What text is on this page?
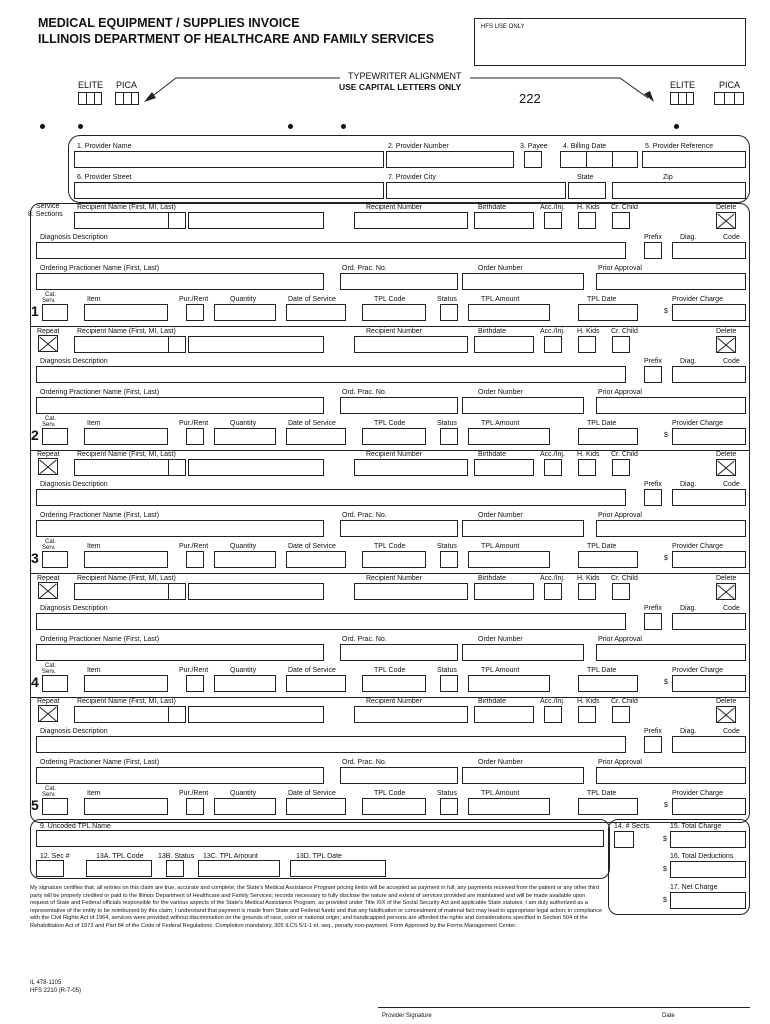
MEDICAL EQUIPMENT / SUPPLIES INVOICE
ILLINOIS DEPARTMENT OF HEALTHCARE AND FAMILY SERVICES
HFS USE ONLY
ELITE PICA
TYPEWRITER ALIGNMENT
USE CAPITAL LETTERS ONLY
222
ELITE	PICA
1. Provider Name	2. Provider Number	3. Payee 4. Billing Date	5. Provider Reference
6. Provider Street	7. Provider City	State	Zip
Service
8. Sections
Recipient Name (First, MI, Last)	Recipient Number	Birthdate	Acc./Inj. H. Kids Cr. Child	Delete
Diagnosis Description	Prefix	Diag.	Code
Ordering Practioner Name (First, Last)	Ord. Prac. No.	Order Number	Prior Approval
Cat.
Serv.	Item	Pur./Rent	Quantity	Date of Service	TPL Code	Status	TPL Amount	TPL Date	Provider Charge
1	$
Repeat Recipient Name (First, MI, Last)	Recipient Number	Birthdate	Acc./Inj. H. Kids Cr. Child	Delete
Diagnosis Description	Prefix	Diag.	Code
Ordering Practioner Name (First, Last)	Ord. Prac. No.	Order Number	Prior Approval
Cat.
Serv.	Item	Pur./Rent	Quantity	Date of Service	TPL Code	Status	TPL Amount	TPL Date	Provider Charge
2	$
Repeat Recipient Name (First, MI, Last)	Recipient Number	Birthdate	Acc./Inj. H. Kids Cr. Child	Delete
Diagnosis Description	Prefix	Diag.	Code
Ordering Practioner Name (First, Last)	Ord. Prac. No.	Order Number	Prior Approval
Cat.
Serv.	Item	Pur./Rent	Quantity	Date of Service	TPL Code	Status	TPL Amount	TPL Date	Provider Charge
3	$
Repeat Recipient Name (First, MI, Last)	Recipient Number	Birthdate	Acc./Inj. H. Kids Cr. Child	Delete
Diagnosis Description	Prefix	Diag.	Code
Ordering Practioner Name (First, Last)	Ord. Prac. No.	Order Number	Prior Approval
Cat.
Serv.	Item	Pur./Rent	Quantity	Date of Service	TPL Code	Status	TPL Amount	TPL Date	Provider Charge
4	$
Repeat Recipient Name (First, MI, Last)	Recipient Number	Birthdate	Acc./Inj. H. Kids Cr. Child	Delete
Diagnosis Description	Prefix	Diag.	Code
Ordering Practioner Name (First, Last)	Ord. Prac. No.	Order Number	Prior Approval
Cat.
Serv.	Item	Pur./Rent	Quantity	Date of Service	TPL Code	Status	TPL Amount	TPL Date	Provider Charge
5	$
9. Uncoded TPL Name
12. Sec #	13A. TPL Code 13B. Status 13C. TPL Amount	13D. TPL Date
14. # Sects.	15. Total Charge
$
16. Total Deductions
$
17. Net Charge
$
My signature certifies that; all entries on this claim are true, accurate and complete; the State's Medical Assistance Program pricing limits will be accepted as payment in full; any payments received from the patient or any other third party will be properly credited or paid to the Illinois Department of Healthcare and Family Services; records necessary to fully disclose the nature and extent of services provided are maintained and will be made available upon request of State and Federal officials responsible for the various aspects of the State's Medical Assistance Program, as provided under Title XIX of the Social Security Act and applicable State statutes; I am duly authorized as a representative of the entity to be reimbursed by this claim; I understand that payment is made from State and Federal funds and that any falsification or concealment of material fact may lead to appropriate legal action; in compliance with the Civil Rights Act of 1964, services were provided without discrimination on the grounds of race, color or national origin; and handicapped persons are afforded the rights and considerations specified in Section 504 of the Rehabilitation Act of 1973 and Part 84 of the Code of Federal Regulations. Completion mandatory, 305 ILCS 5/1-1 et. seq., penalty non-payment. Form Approved by the Forms Management Center.
IL 478-1105
HFS 2210 (R-7-05)
Provider Signature	Date
